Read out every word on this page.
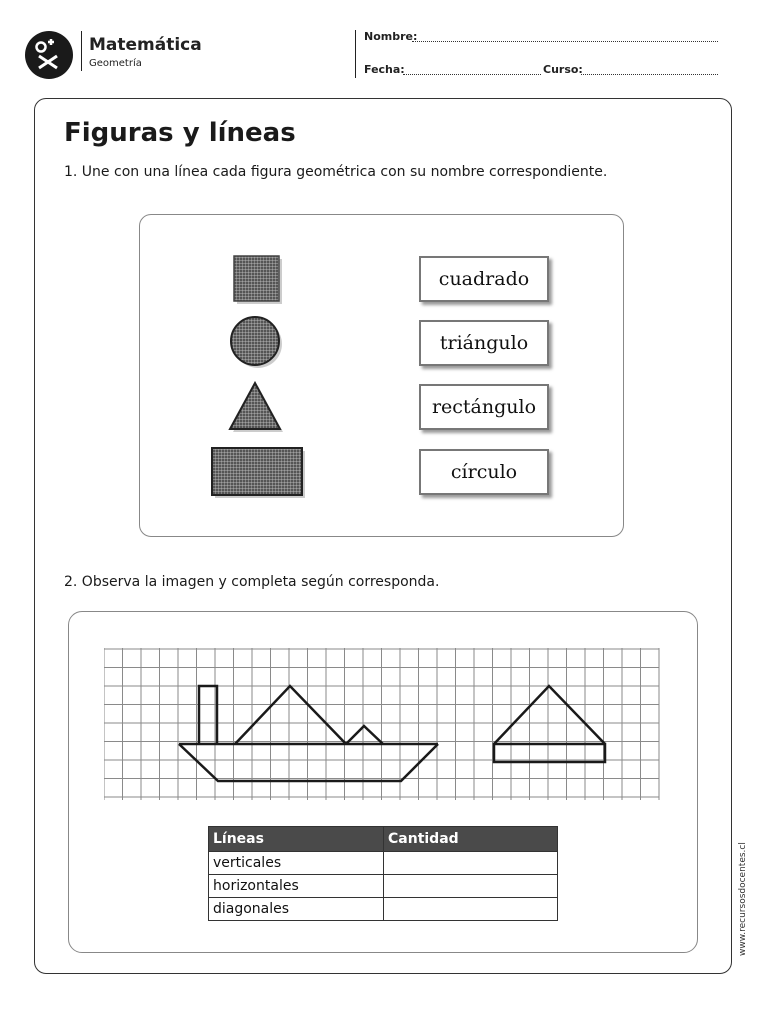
Matemática
Geometría
Nombre:
Fecha:	Curso:
Figuras y líneas
1. Une con una línea cada figura geométrica con su nombre correspondiente.
cuadrado
triángulo
rectángulo
círculo
2. Observa la imagen y completa según corresponda.
Líneas	Cantidad
verticales	
horizontales	
diagonales		www.recursosdocentes.cl
